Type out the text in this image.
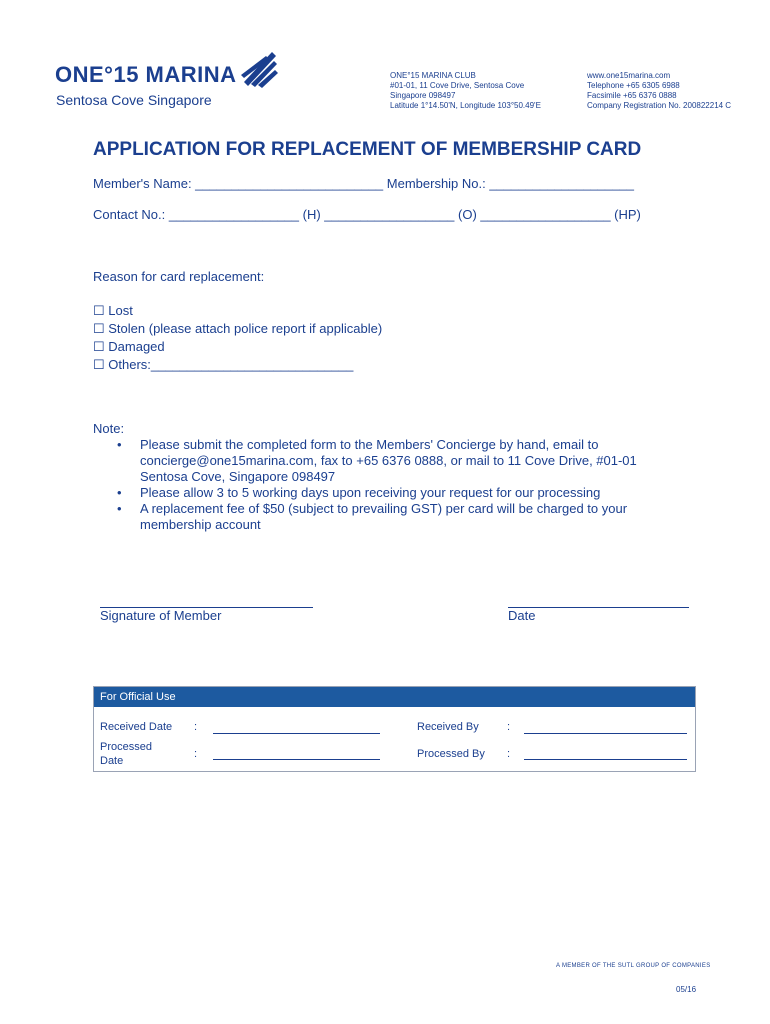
ONE°15 MARINA
Sentosa Cove Singapore
ONE°15 MARINA CLUB
#01-01, 11 Cove Drive, Sentosa Cove
Singapore 098497
Latitude 1°14.50'N, Longitude 103°50.49'E
www.one15marina.com
Telephone +65 6305 6988
Facsimile +65 6376 0888
Company Registration No. 200822214 C
APPLICATION FOR REPLACEMENT OF MEMBERSHIP CARD
Member's Name: __________________________ Membership No.: ____________________
Contact No.: __________________ (H) __________________ (O) __________________ (HP)
Reason for card replacement:
☐ Lost
☐ Stolen (please attach police report if applicable)
☐ Damaged
☐ Others:____________________________
Note:
• Please submit the completed form to the Members' Concierge by hand, email to concierge@one15marina.com, fax to +65 6376 0888, or mail to 11 Cove Drive, #01-01 Sentosa Cove, Singapore 098497
• Please allow 3 to 5 working days upon receiving your request for our processing
• A replacement fee of $50 (subject to prevailing GST) per card will be charged to your membership account
Signature of Member	Date
For Official Use
Received Date :
Processed
Date
:
Received By	:
Processed By :
A MEMBER OF THE SUTL GROUP OF COMPANIES
05/16
